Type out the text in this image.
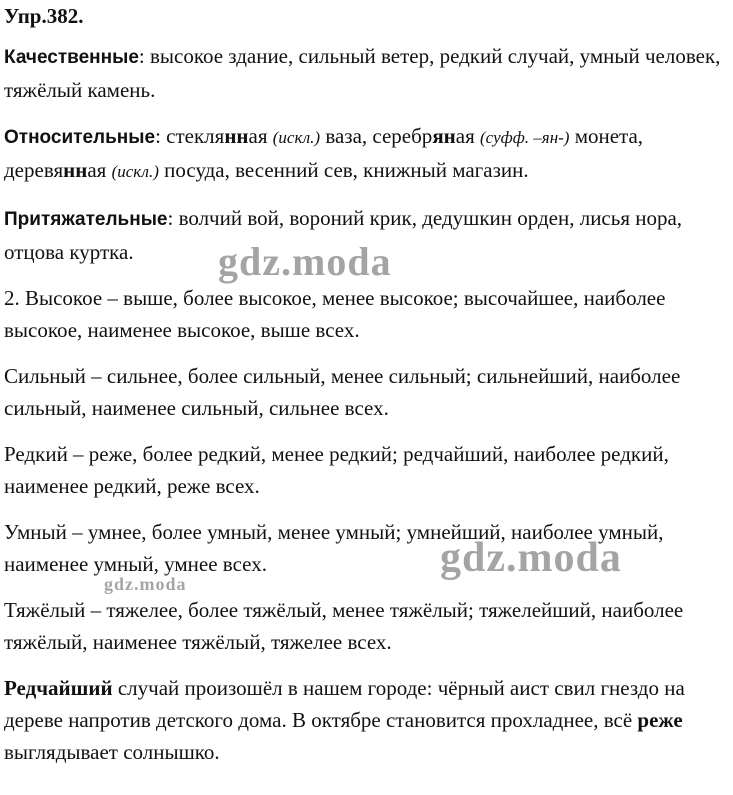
Упр.382.

Качественные: высокое здание, сильный ветер, редкий случай, умный человек, тяжёлый камень.

Относительные: стеклянная (искл.) ваза, серебряная (суфф. –ян-) монета, деревянная (искл.) посуда, весенний сев, книжный магазин.

Притяжательные: волчий вой, вороний крик, дедушкин орден, лисья нора, отцова куртка.

2. Высокое – выше, более высокое, менее высокое; высочайшее, наиболее высокое, наименее высокое, выше всех.

Сильный – сильнее, более сильный, менее сильный; сильнейший, наиболее сильный, наименее сильный, сильнее всех.

Редкий – реже, более редкий, менее редкий; редчайший, наиболее редкий, наименее редкий, реже всех.

Умный – умнее, более умный, менее умный; умнейший, наиболее умный, наименее умный, умнее всех.

Тяжёлый – тяжелее, более тяжёлый, менее тяжёлый; тяжелейший, наиболее тяжёлый, наименее тяжёлый, тяжелее всех.

Редчайший случай произошёл в нашем городе: чёрный аист свил гнездо на дереве напротив детского дома. В октябре становится прохладнее, всё реже выглядывает солнышко.

gdz.moda
gdz.moda
gdz.moda
